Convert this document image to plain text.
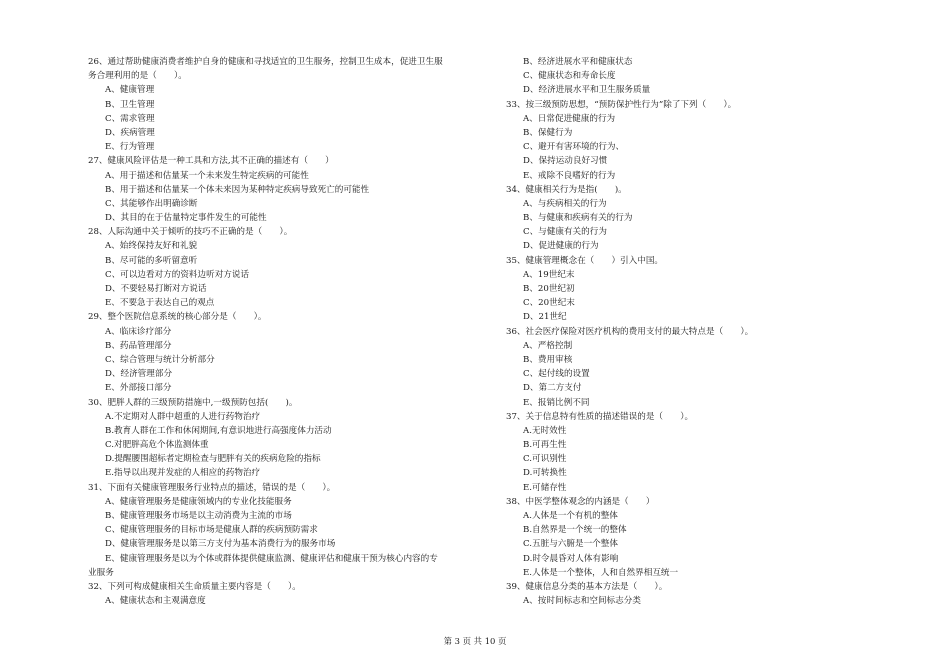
26、通过帮助健康消费者维护自身的健康和寻找适宜的卫生服务，控制卫生成本，促进卫生服
务合理利用的是（　　）。
A、健康管理
B、卫生管理
C、需求管理
D、疾病管理
E、行为管理
27、健康风险评估是一种工具和方法,其不正确的描述有（　　）
A、用于描述和估量某一个未来发生特定疾病的可能性
B、用于描述和估量某一个体未来因为某种特定疾病导致死亡的可能性
C、其能够作出明确诊断
D、其目的在于估量特定事件发生的可能性
28、人际沟通中关于倾听的技巧不正确的是（　　）。
A、始终保持友好和礼貌
B、尽可能的多听留意听
C、可以边看对方的资料边听对方说话
D、不要轻易打断对方说话
E、不要急于表达自己的观点
29、整个医院信息系统的核心部分是（　　）。
A、临床诊疗部分
B、药品管理部分
C、综合管理与统计分析部分
D、经济管理部分
E、外部接口部分
30、肥胖人群的三级预防措施中,一级预防包括(　　)。
A.不定期对人群中超重的人进行药物治疗
B.教育人群在工作和休闲期间,有意识地进行高强度体力活动
C.对肥胖高危个体监测体重
D.提醒腰围超标者定期检查与肥胖有关的疾病危险的指标
E.指导以出现并发症的人相应的药物治疗
31、下面有关健康管理服务行业特点的描述，错误的是（　　）。
A、健康管理服务是健康领域内的专业化技能服务
B、健康管理服务市场是以主动消费为主流的市场
C、健康管理服务的目标市场是健康人群的疾病预防需求
D、健康管理服务是以第三方支付为基本消费行为的服务市场
E、健康管理服务是以为个体或群体提供健康监测、健康评估和健康干预为核心内容的专
业服务
32、下列可构成健康相关生命质量主要内容是（　　）。
A、健康状态和主观满意度
B、经济进展水平和健康状态
C、健康状态和寿命长度
D、经济进展水平和卫生服务质量
33、按三级预防思想，“预防保护性行为”除了下列（　　）。
A、日常促进健康的行为
B、保健行为
C、避开有害环境的行为、
D、保持运动良好习惯
E、戒除不良嗜好的行为
34、健康相关行为是指(　　)。
A、与疾病相关的行为
B、与健康和疾病有关的行为
C、与健康有关的行为
D、促进健康的行为
35、健康管理概念在（　　）引入中国。
A、19世纪末
B、20世纪初
C、20世纪末
D、21世纪
36、社会医疗保险对医疗机构的费用支付的最大特点是（　　）。
A、严格控制
B、费用审核
C、起付线的设置
D、第二方支付
E、报销比例不同
37、关于信息特有性质的描述错误的是（　　）。
A.无时效性
B.可再生性
C.可识别性
D.可转换性
E.可储存性
38、中医学整体观念的内涵是（　　）
A.人体是一个有机的整体
B.自然界是一个统一的整体
C.五脏与六腑是一个整体
D.时令晨昏对人体有影响
E.人体是一个整体，人和自然界相互统一
39、健康信息分类的基本方法是（　　）。
A、按时间标志和空间标志分类
第 3 页 共 10 页
